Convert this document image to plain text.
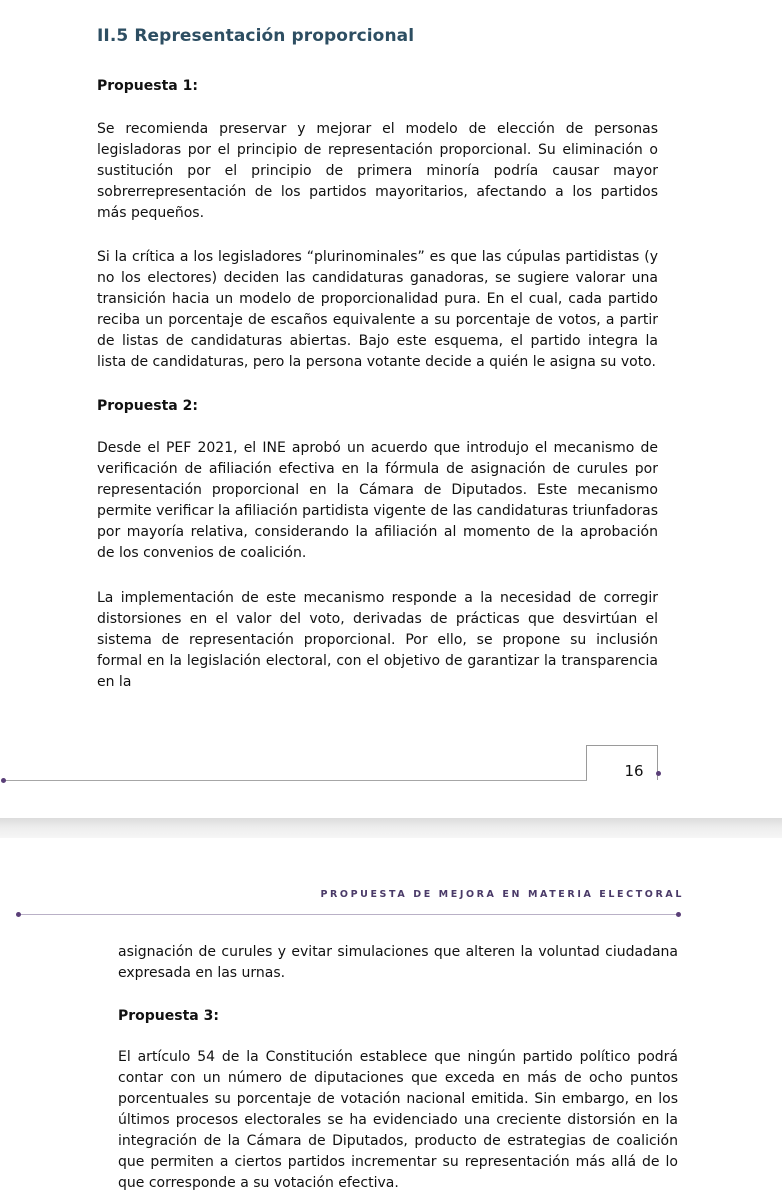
II.5 Representación proporcional
Propuesta 1:

Se recomienda preservar y mejorar el modelo de elección de personas legisladoras por el principio de representación proporcional. Su eliminación o sustitución por el principio de primera minoría podría causar mayor sobrerrepresentación de los partidos mayoritarios, afectando a los partidos más pequeños.

Si la crítica a los legisladores “plurinominales” es que las cúpulas partidistas (y no los electores) deciden las candidaturas ganadoras, se sugiere valorar una transición hacia un modelo de proporcionalidad pura. En el cual, cada partido reciba un porcentaje de escaños equivalente a su porcentaje de votos, a partir de listas de candidaturas abiertas. Bajo este esquema, el partido integra la lista de candidaturas, pero la persona votante decide a quién le asigna su voto.

Propuesta 2:

Desde el PEF 2021, el INE aprobó un acuerdo que introdujo el mecanismo de verificación de afiliación efectiva en la fórmula de asignación de curules por representación proporcional en la Cámara de Diputados. Este mecanismo permite verificar la afiliación partidista vigente de las candidaturas triunfadoras por mayoría relativa, considerando la afiliación al momento de la aprobación de los convenios de coalición.

La implementación de este mecanismo responde a la necesidad de corregir distorsiones en el valor del voto, derivadas de prácticas que desvirtúan el sistema de representación proporcional. Por ello, se propone su inclusión formal en la legislación electoral, con el objetivo de garantizar la transparencia en la

16
PROPUESTA DE MEJORA EN MATERIA ELECTORAL

asignación de curules y evitar simulaciones que alteren la voluntad ciudadana expresada en las urnas.

Propuesta 3:

El artículo 54 de la Constitución establece que ningún partido político podrá contar con un número de diputaciones que exceda en más de ocho puntos porcentuales su porcentaje de votación nacional emitida. Sin embargo, en los últimos procesos electorales se ha evidenciado una creciente distorsión en la integración de la Cámara de Diputados, producto de estrategias de coalición que permiten a ciertos partidos incrementar su representación más allá de lo que corresponde a su votación efectiva.
